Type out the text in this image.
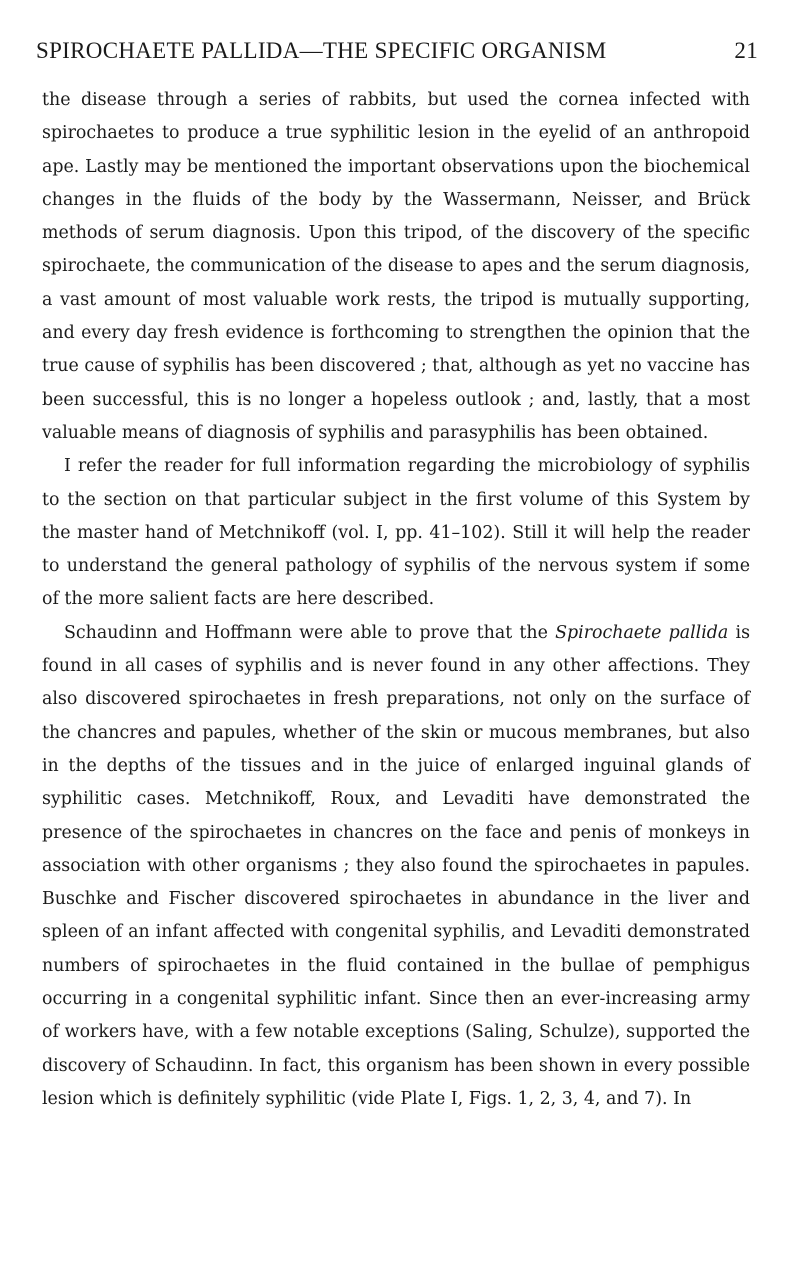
SPIROCHAETE PALLIDA—THE SPECIFIC ORGANISM	21

the disease through a series of rabbits, but used the cornea infected with spirochaetes to produce a true syphilitic lesion in the eyelid of an anthropoid ape. Lastly may be mentioned the important observations upon the biochemical changes in the fluids of the body by the Wassermann, Neisser, and Brück methods of serum diagnosis. Upon this tripod, of the discovery of the specific spirochaete, the communication of the disease to apes and the serum diagnosis, a vast amount of most valuable work rests, the tripod is mutually supporting, and every day fresh evidence is forthcoming to strengthen the opinion that the true cause of syphilis has been discovered ; that, although as yet no vaccine has been successful, this is no longer a hopeless outlook ; and, lastly, that a most valuable means of diagnosis of syphilis and parasyphilis has been obtained.

I refer the reader for full information regarding the microbiology of syphilis to the section on that particular subject in the first volume of this System by the master hand of Metchnikoff (vol. I, pp. 41–102). Still it will help the reader to understand the general pathology of syphilis of the nervous system if some of the more salient facts are here described.

Schaudinn and Hoffmann were able to prove that the Spirochaete pallida is found in all cases of syphilis and is never found in any other affections. They also discovered spirochaetes in fresh preparations, not only on the surface of the chancres and papules, whether of the skin or mucous membranes, but also in the depths of the tissues and in the juice of enlarged inguinal glands of syphilitic cases. Metchnikoff, Roux, and Levaditi have demonstrated the presence of the spirochaetes in chancres on the face and penis of monkeys in association with other organisms ; they also found the spirochaetes in papules. Buschke and Fischer discovered spirochaetes in abundance in the liver and spleen of an infant affected with congenital syphilis, and Levaditi demonstrated numbers of spirochaetes in the fluid contained in the bullae of pemphigus occurring in a congenital syphilitic infant. Since then an ever-increasing army of workers have, with a few notable exceptions (Saling, Schulze), supported the discovery of Schaudinn. In fact, this organism has been shown in every possible lesion which is definitely syphilitic (vide Plate I, Figs. 1, 2, 3, 4, and 7). In
